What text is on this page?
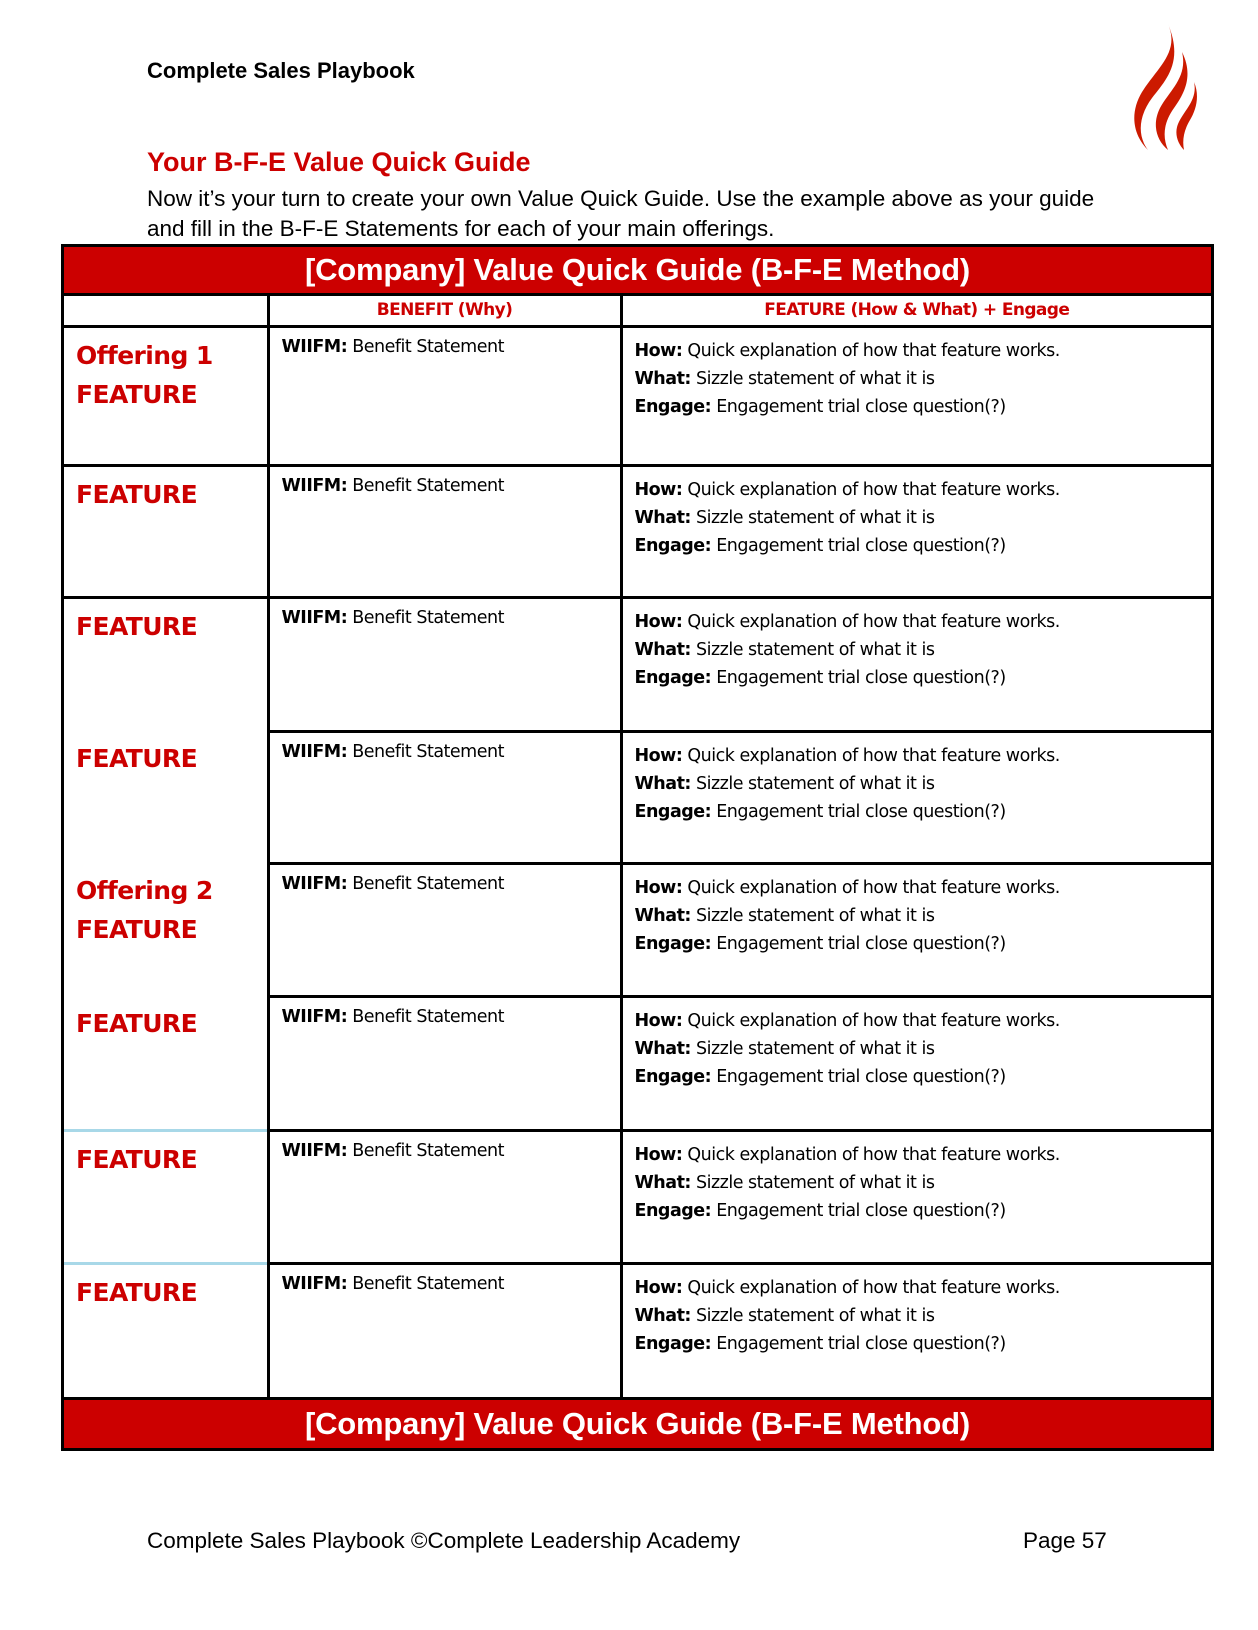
Complete Sales Playbook
Your B-F-E Value Quick Guide
Now it’s your turn to create your own Value Quick Guide. Use the example above as your guide and fill in the B-F-E Statements for each of your main offerings.
[Company] Value Quick Guide (B-F-E Method)
	BENEFIT (Why)	FEATURE (How & What) + Engage

Offering 1
FEATURE
	WIIFM: Benefit Statement	How: Quick explanation of how that feature works.
What: Sizzle statement of what it is
Engage: Engagement trial close question(?)

FEATURE	WIIFM: Benefit Statement	How: Quick explanation of how that feature works.
What: Sizzle statement of what it is
Engage: Engagement trial close question(?)

FEATURE	WIIFM: Benefit Statement	How: Quick explanation of how that feature works.
What: Sizzle statement of what it is
Engage: Engagement trial close question(?)

FEATURE	WIIFM: Benefit Statement	How: Quick explanation of how that feature works.
What: Sizzle statement of what it is
Engage: Engagement trial close question(?)

Offering 2
FEATURE
	WIIFM: Benefit Statement	How: Quick explanation of how that feature works.
What: Sizzle statement of what it is
Engage: Engagement trial close question(?)

FEATURE	WIIFM: Benefit Statement	How: Quick explanation of how that feature works.
What: Sizzle statement of what it is
Engage: Engagement trial close question(?)

FEATURE	WIIFM: Benefit Statement	How: Quick explanation of how that feature works.
What: Sizzle statement of what it is
Engage: Engagement trial close question(?)

FEATURE	WIIFM: Benefit Statement	How: Quick explanation of how that feature works.
What: Sizzle statement of what it is
Engage: Engagement trial close question(?)
[Company] Value Quick Guide (B-F-E Method)
Complete Sales Playbook ©Complete Leadership Academy	Page 57
